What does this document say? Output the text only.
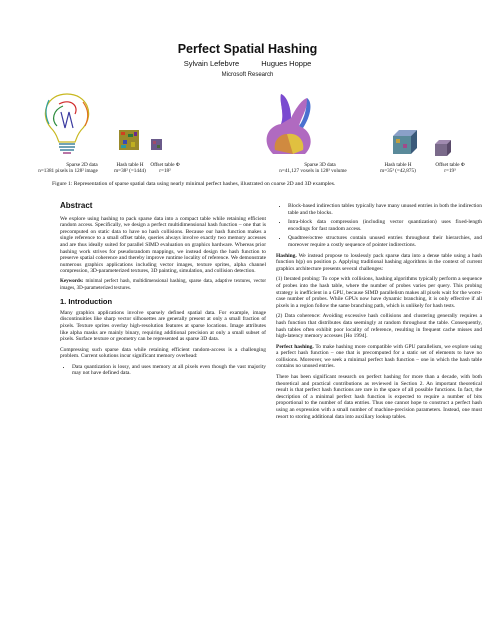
Perfect Spatial Hashing
Sylvain Lefebvre	Hugues Hoppe
Microsoft Research
Sparse 2D data
n=1381 pixels in 128² image
Hash table H
m=38² (=1444)
Offset table Φ
r=18²
Sparse 3D data
n=41,127 voxels in 128³ volume
Hash table H
m=35³ (=42,875)
Offset table Φ
r=19³
Figure 1: Representation of sparse spatial data using nearly minimal perfect hashes, illustrated on coarse 2D and 3D examples.
Abstract

We explore using hashing to pack sparse data into a compact table while retaining efficient random access. Specifically, we design a perfect multidimensional hash function – one that is precomputed on static data to have no hash collisions. Because our hash function makes a single reference to a small offset table, queries always involve exactly two memory accesses and are thus ideally suited for parallel SIMD evaluation on graphics hardware. Whereas prior hashing work strives for pseudorandom mappings, we instead design the hash function to preserve spatial coherence and thereby improve runtime locality of reference. We demonstrate numerous graphics applications including vector images, texture sprites, alpha channel compression, 3D-parameterized textures, 3D painting, simulation, and collision detection.

Keywords: minimal perfect hash, multidimensional hashing, sparse data, adaptive textures, vector images, 3D-parameterized textures.
1. Introduction

Many graphics applications involve sparsely defined spatial data. For example, image discontinuities like sharp vector silhouettes are generally present at only a small fraction of pixels. Texture sprites overlay high-resolution features at sparse locations. Image attributes like alpha masks are mainly binary, requiring additional precision at only a small subset of pixels. Surface texture or geometry can be represented as sparse 3D data.

Compressing such sparse data while retaining efficient random-access is a challenging problem. Current solutions incur significant memory overhead:

• Data quantization is lossy, and uses memory at all pixels even though the vast majority may not have defined data.
• Block-based indirection tables typically have many unused entries in both the indirection table and the blocks.
• Intra-block data compression (including vector quantization) uses fixed-length encodings for fast random access.
• Quadtree/octree structures contain unused entries throughout their hierarchies, and moreover require a costly sequence of pointer indirections.

Hashing. We instead propose to losslessly pack sparse data into a dense table using a hash function h(p) on position p. Applying traditional hashing algorithms in the context of current graphics architecture presents several challenges:

(1) Iterated probing: To cope with collisions, hashing algorithms typically perform a sequence of probes into the hash table, where the number of probes varies per query. This probing strategy is inefficient in a GPU, because SIMD parallelism makes all pixels wait for the worst-case number of probes. While GPUs now have dynamic branching, it is only effective if all pixels in a region follow the same branching path, which is unlikely for hash tests.

(2) Data coherence: Avoiding excessive hash collisions and clustering generally requires a hash function that distributes data seemingly at random throughout the table. Consequently, hash tables often exhibit poor locality of reference, resulting in frequent cache misses and high-latency memory accesses [Ho 1994].

Perfect hashing. To make hashing more compatible with GPU parallelism, we explore using a perfect hash function – one that is precomputed for a static set of elements to have no collisions. Moreover, we seek a minimal perfect hash function – one in which the hash table contains no unused entries.

There has been significant research on perfect hashing for more than a decade, with both theoretical and practical contributions as reviewed in Section 2. An important theoretical result is that perfect hash functions are rare in the space of all possible functions. In fact, the description of a minimal perfect hash function is expected to require a number of bits proportional to the number of data entries. Thus one cannot hope to construct a perfect hash using an expression with a small number of machine-precision parameters. Instead, one must resort to storing additional data into auxiliary lookup tables.
